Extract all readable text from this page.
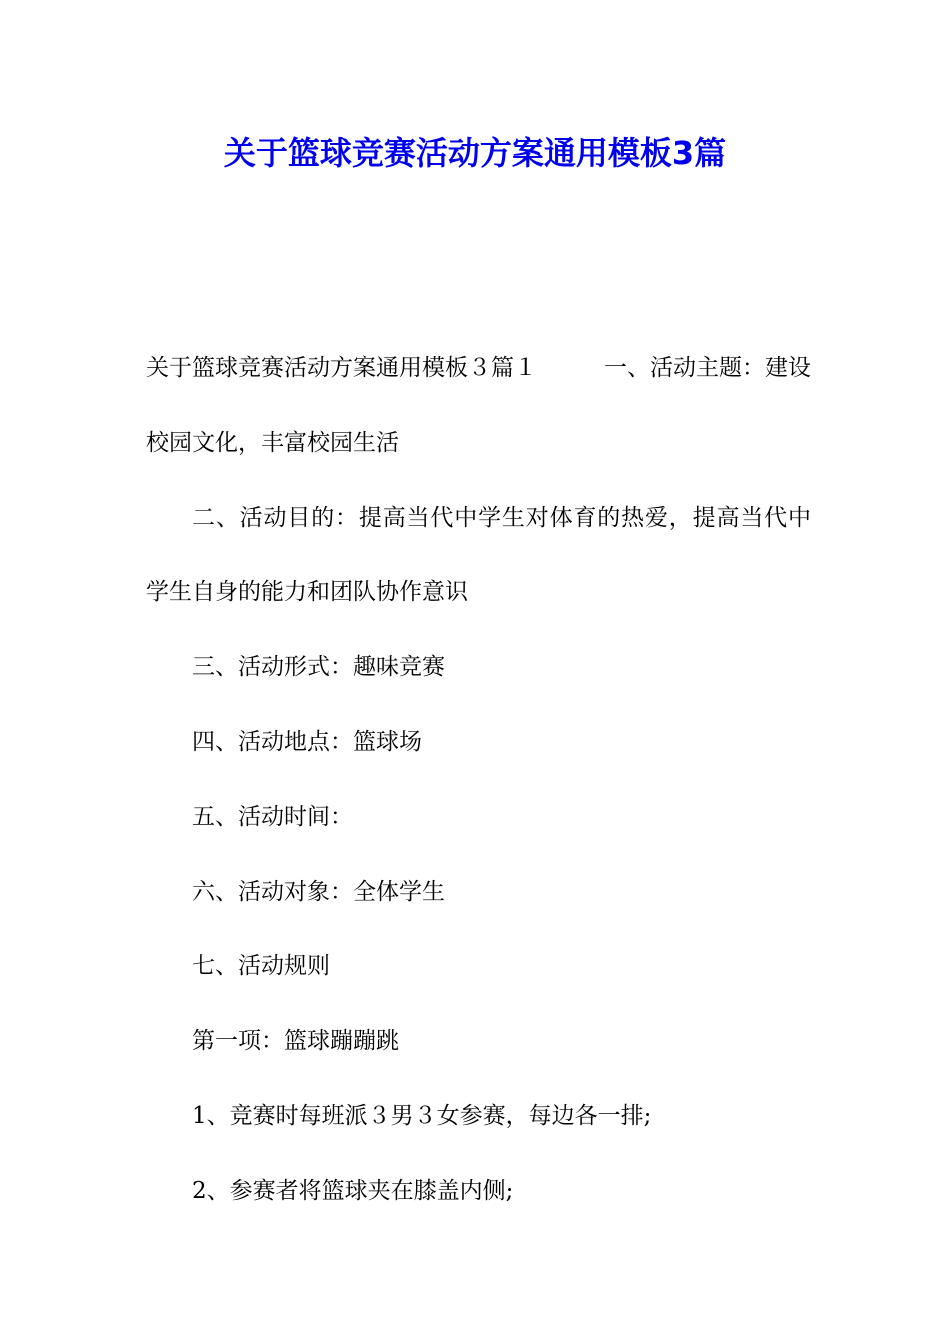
关于篮球竞赛活动方案通用模板3篇
关于篮球竞赛活动方案通用模板３篇１	一、活动主题：建设

校园文化，丰富校园生活

二、活动目的：提高当代中学生对体育的热爱，提高当代中学生自身的能力和团队协作意识

三、活动形式：趣味竞赛

四、活动地点：篮球场

五、活动时间：

六、活动对象：全体学生

七、活动规则

第一项：篮球蹦蹦跳

1、竞赛时每班派３男３女参赛，每边各一排;

2、参赛者将篮球夹在膝盖内侧;
